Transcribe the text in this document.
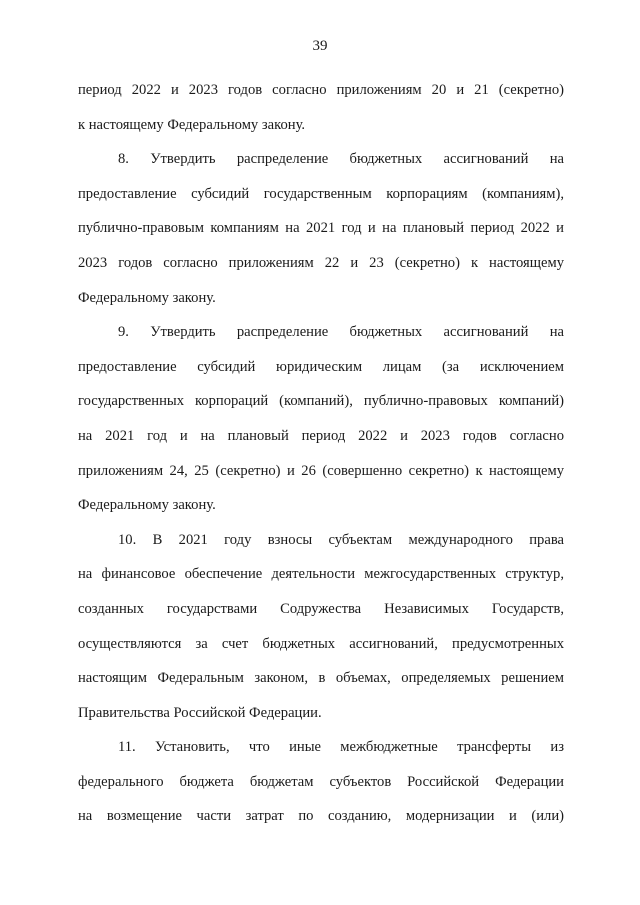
39
период 2022 и 2023 годов согласно приложениям 20 и 21 (секретно)
к настоящему Федеральному закону.
8. Утвердить распределение бюджетных ассигнований на
предоставление субсидий государственным корпорациям (компаниям),
публично-правовым компаниям на 2021 год и на плановый период 2022 и
2023 годов согласно приложениям 22 и 23 (секретно) к настоящему
Федеральному закону.
9. Утвердить распределение бюджетных ассигнований на
предоставление субсидий юридическим лицам (за исключением
государственных корпораций (компаний), публично-правовых компаний)
на 2021 год и на плановый период 2022 и 2023 годов согласно
приложениям 24, 25 (секретно) и 26 (совершенно секретно) к настоящему
Федеральному закону.
10. В 2021 году взносы субъектам международного права
на финансовое обеспечение деятельности межгосударственных структур,
созданных государствами Содружества Независимых Государств,
осуществляются за счет бюджетных ассигнований, предусмотренных
настоящим Федеральным законом, в объемах, определяемых решением
Правительства Российской Федерации.
11. Установить, что иные межбюджетные трансферты из
федерального бюджета бюджетам субъектов Российской Федерации
на возмещение части затрат по созданию, модернизации и (или)
